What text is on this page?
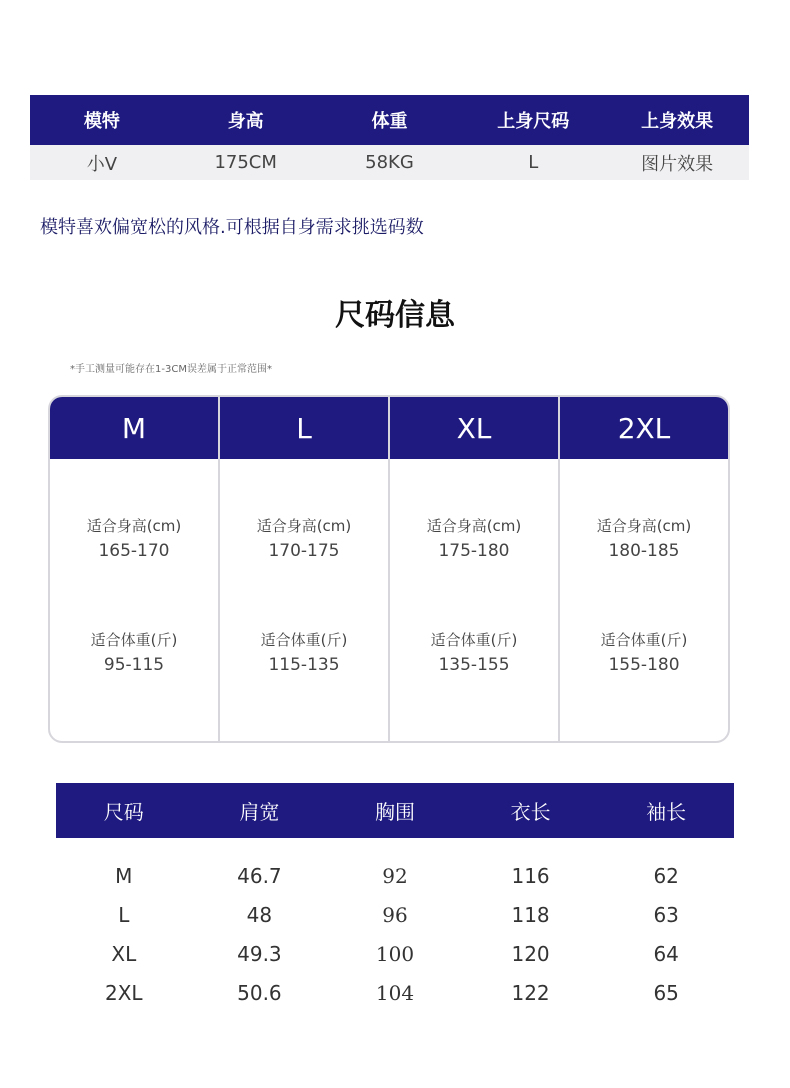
模特	身高	体重	上身尺码	上身效果
小V	175CM	58KG	L	图片效果
模特喜欢偏宽松的风格.可根据自身需求挑选码数
尺码信息
*手工测量可能存在1-3CM误差属于正常范围*
M
适合身高(cm)
165-170
适合体重(斤)
95-115
L
适合身高(cm)
170-175
适合体重(斤)
115-135
XL
适合身高(cm)
175-180
适合体重(斤)
135-155
2XL
适合身高(cm)
180-185
适合体重(斤)
155-180
尺码	肩宽	胸围	衣长	袖长
M	46.7	92	116	62
L	48	96	118	63
XL	49.3	100	120	64
2XL	50.6	104	122	65
